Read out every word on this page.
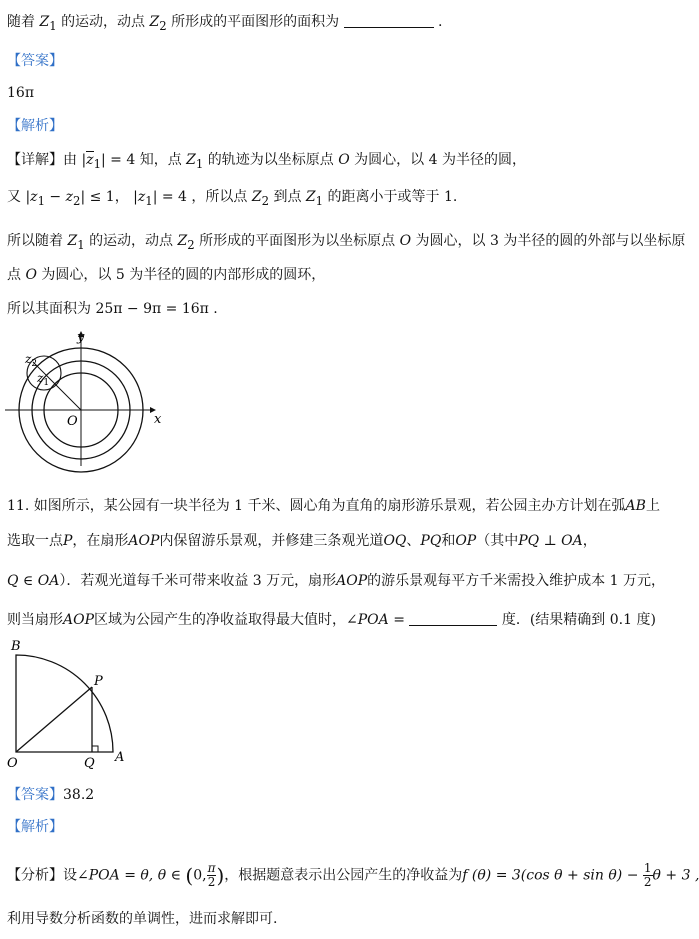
随着 $Z_1$ 的运动，动点 $Z_2$ 所形成的平面图形的面积为	.
【答案】
16π
【解析】
【详解】由 $|z_1| = 4$ 知，点 $Z_1$ 的轨迹为以坐标原点 O 为圆心，以 4 为半径的圆，
又 $|z_1 - z_2| \le 1$， $|z_1| = 4$ ，所以点 $Z_2$ 到点 $Z_1$ 的距离小于或等于 1.
所以随着 $Z_1$ 的运动，动点 $Z_2$ 所形成的平面图形为以坐标原点 O 为圆心，以 3 为半径的圆的外部与以坐标原
点 O 为圆心，以 5 为半径的圆的内部形成的圆环，
所以其面积为 25π − 9π = 16π .
y
x
O
$z_2$
$z_1$
11. 如图所示，某公园有一块半径为 1 千米、圆心角为直角的扇形游乐景观，若公园主办方计划在弧AB上
选取一点P，在扇形AOP内保留游乐景观，并修建三条观光道OQ、PQ和OP（其中PQ ⊥ OA，
Q ∈ OA）．若观光道每千米可带来收益 3 万元，扇形AOP的游乐景观每平方千米需投入维护成本 1 万元，
则当扇形AOP区域为公园产生的净收益取得最大值时，∠POA =	度．(结果精确到 0.1 度)
B
P
O	Q A
【答案】38.2
【解析】
【分析】设∠POA = θ, θ ∈ (0, $\frac{\pi}{2}$ )，根据题意表示出公园产生的净收益为f (θ) = 3(cos $\theta + \sin \theta) - \frac{1}{2}$ θ + 3 ,
利用导数分析函数的单调性，进而求解即可.
